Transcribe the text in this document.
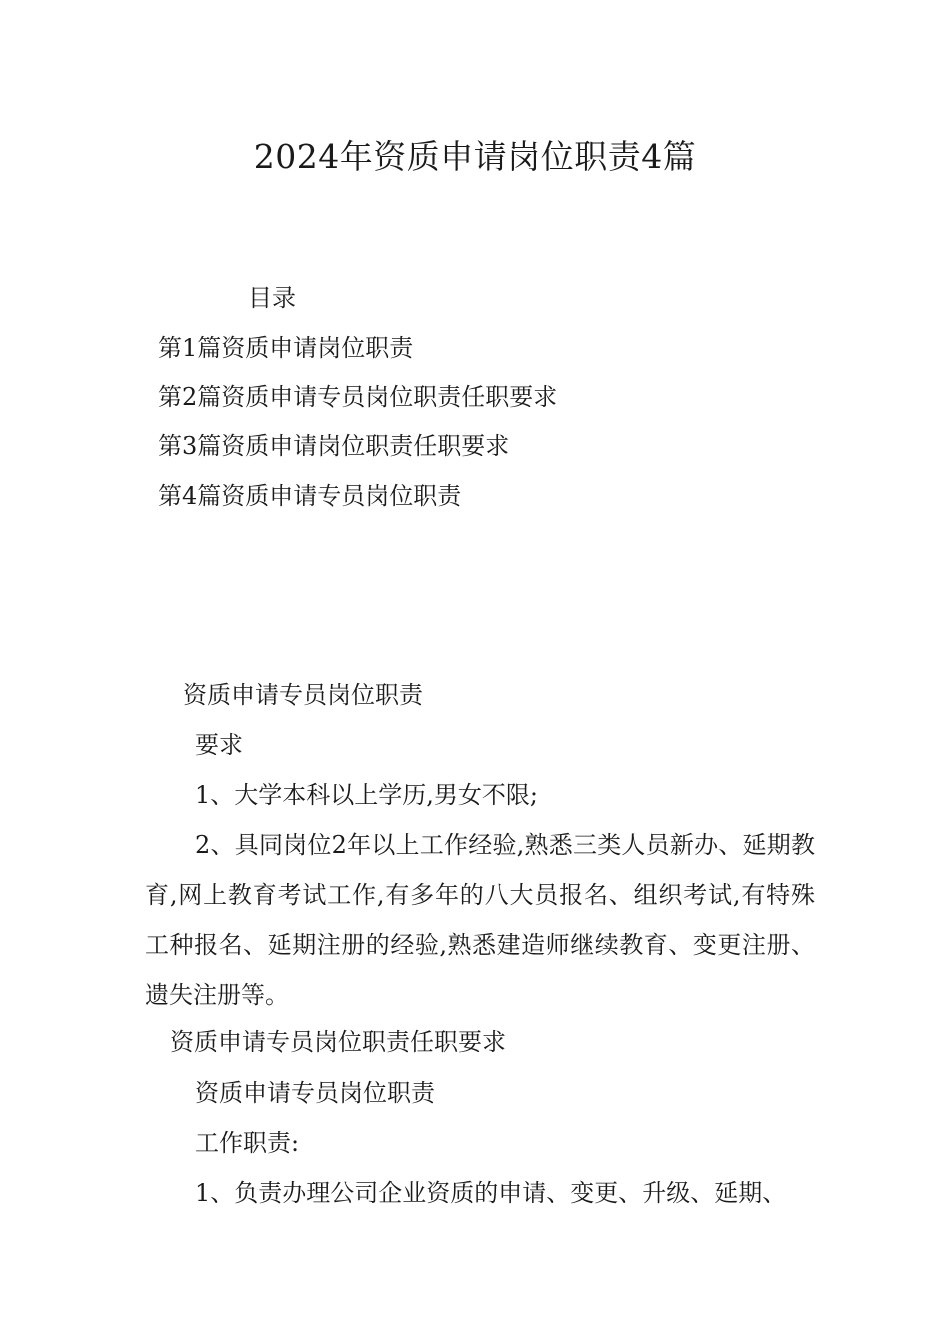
2024年资质申请岗位职责4篇
目录
第1篇资质申请岗位职责
第2篇资质申请专员岗位职责任职要求
第3篇资质申请岗位职责任职要求
第4篇资质申请专员岗位职责
资质申请专员岗位职责
要求
1、大学本科以上学历,男女不限;
2、具同岗位2年以上工作经验,熟悉三类人员新办、延期教育,网上教育考试工作,有多年的八大员报名、组织考试,有特殊工种报名、延期注册的经验,熟悉建造师继续教育、变更注册、遗失注册等。
资质申请专员岗位职责任职要求
资质申请专员岗位职责
工作职责:
1、负责办理公司企业资质的申请、变更、升级、延期、
